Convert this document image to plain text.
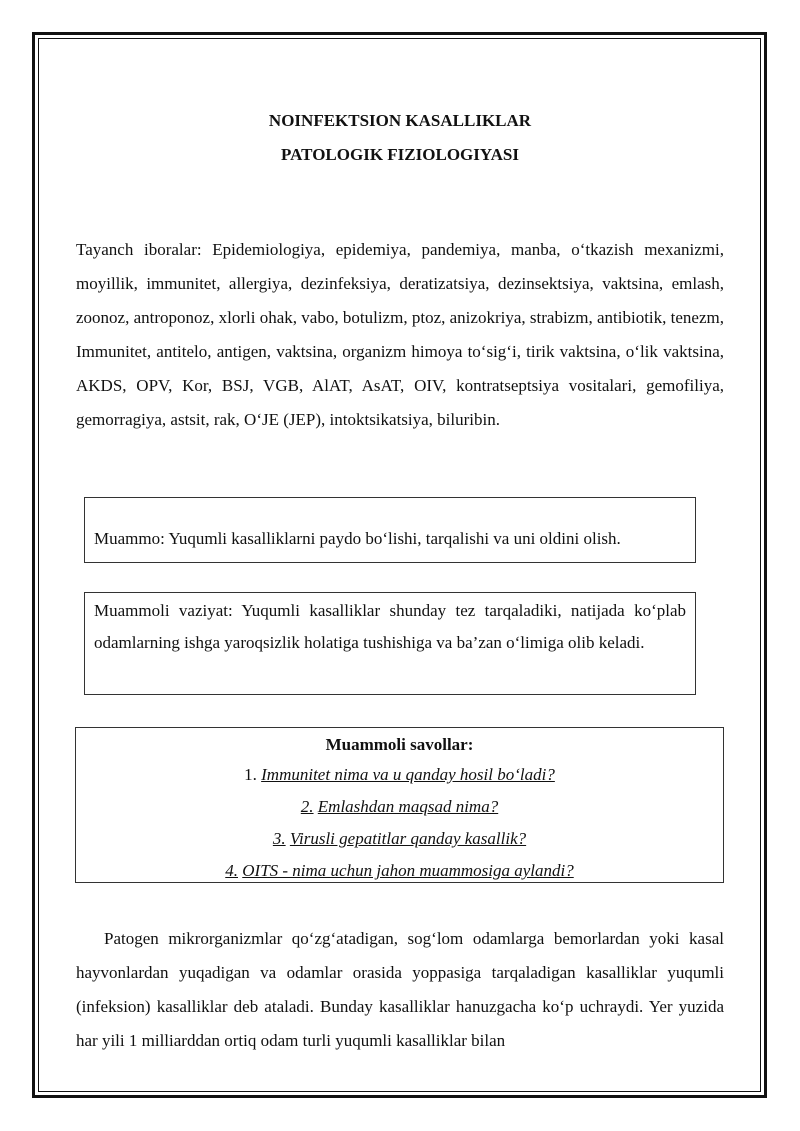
NOINFEKTSION KASALLIKLAR
PATOLOGIK FIZIOLOGIYASI
Tayanch iboralar: Epidemiologiya, epidemiya, pandemiya, manba, o‘tkazish mexanizmi, moyillik, immunitet, allergiya, dezinfeksiya, deratizatsiya, dezinsektsiya, vaktsina, emlash, zoonoz, antroponoz, xlorli ohak, vabo, botulizm, ptoz, anizokriya, strabizm, antibiotik, tenezm, Immunitet, antitelo, antigen, vaktsina, organizm himoya to‘sig‘i, tirik vaktsina, o‘lik vaktsina, AKDS, OPV, Kor, BSJ, VGB, AlAT, AsAT, OIV, kontratseptsiya vositalari, gemofiliya, gemorragiya, astsit, rak, O‘JE (JEP), intoktsikatsiya, biluribin.
Muammo: Yuqumli kasalliklarni paydo bo‘lishi, tarqalishi va uni oldini olish.
Muammoli vaziyat: Yuqumli kasalliklar shunday tez tarqaladiki, natijada ko‘plab odamlarning ishga yaroqsizlik holatiga tushishiga va ba’zan o‘limiga olib keladi.
Muammoli savollar:
1. Immunitet nima va u qanday hosil bo‘ladi?
2. Emlashdan maqsad nima?
3. Virusli gepatitlar qanday kasallik?
4. OITS - nima uchun jahon muammosiga aylandi?
Patogen mikrorganizmlar qo‘zg‘atadigan, sog‘lom odamlarga bemorlardan yoki kasal hayvonlardan yuqadigan va odamlar orasida yoppasiga tarqaladigan kasalliklar yuqumli (infeksion) kasalliklar deb ataladi. Bunday kasalliklar hanuzgacha ko‘p uchraydi. Yer yuzida har yili 1 milliarddan ortiq odam turli yuqumli kasalliklar bilan
